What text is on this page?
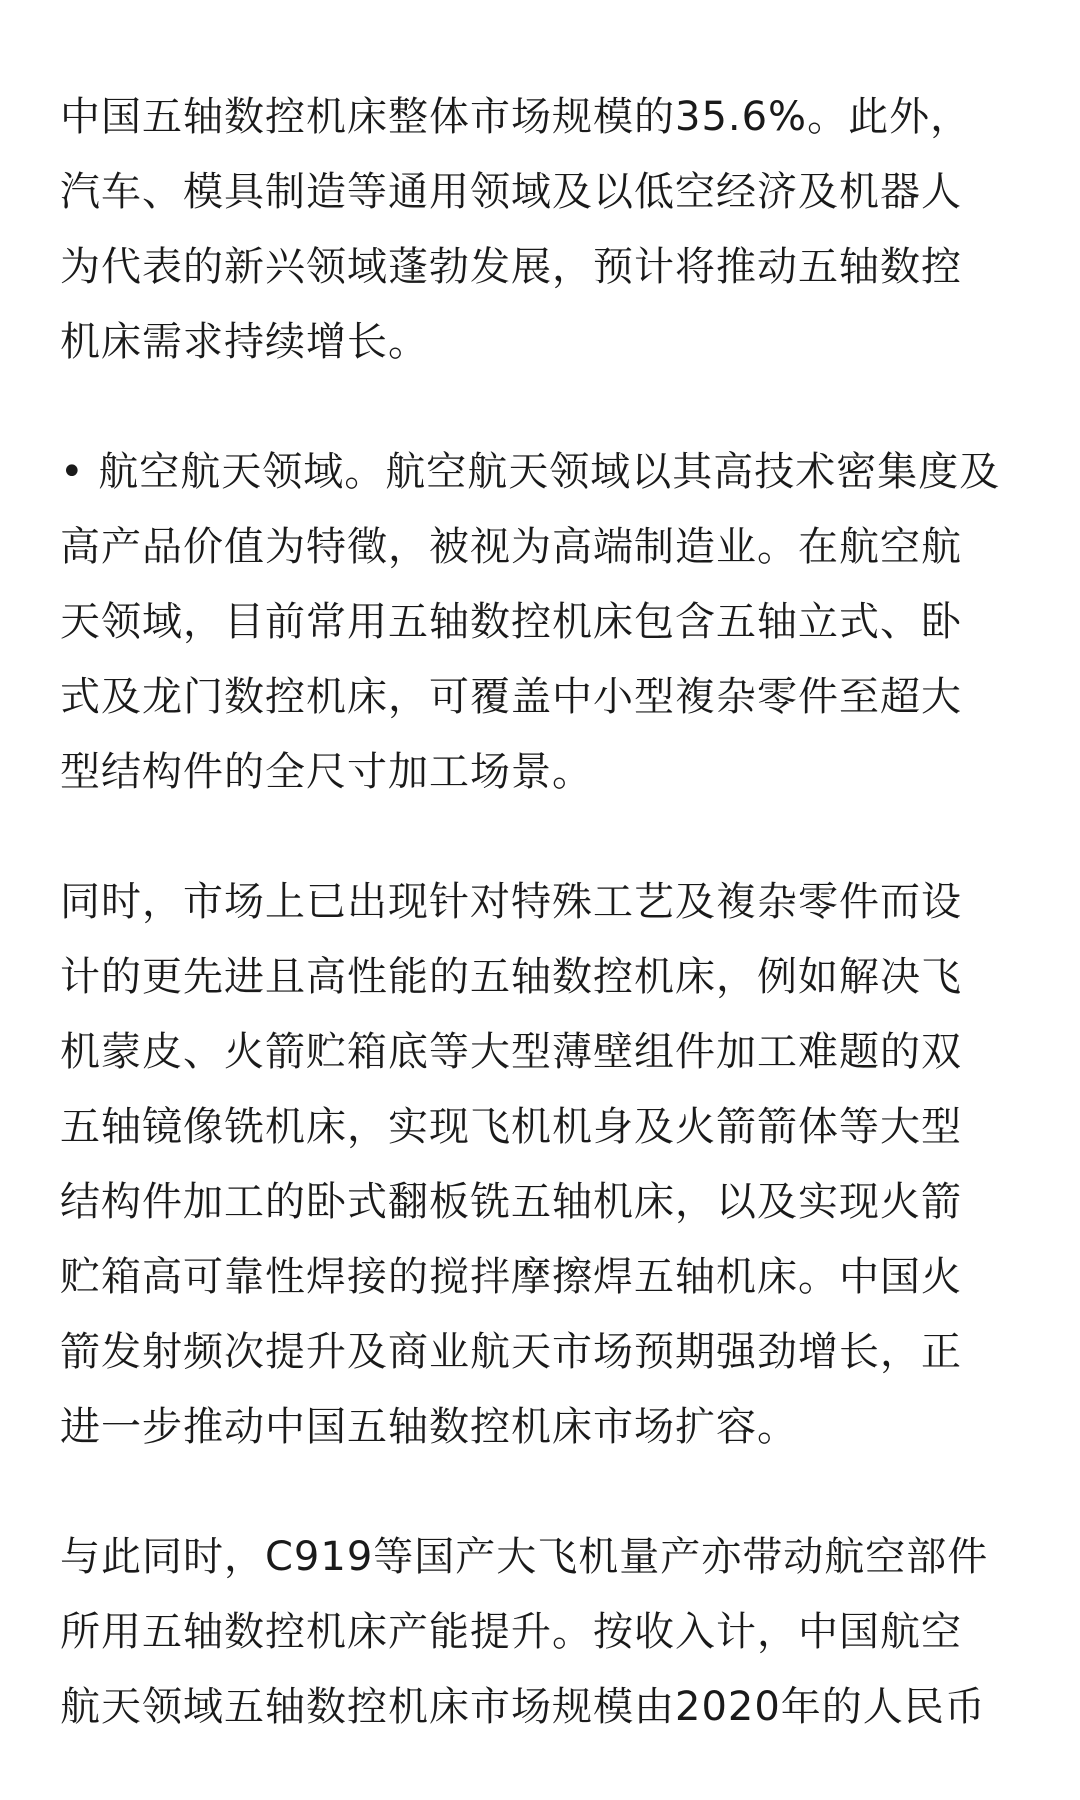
中国五轴数控机床整体市场规模的35.6%。此外，
汽车、模具制造等通用领域及以低空经济及机器人
为代表的新兴领域蓬勃发展，预计将推动五轴数控
机床需求持续增长。
• 航空航天领域。航空航天领域以其高技术密集度及
高产品价值为特徵，被视为高端制造业。在航空航
天领域，目前常用五轴数控机床包含五轴立式、卧
式及龙门数控机床，可覆盖中小型複杂零件至超大
型结构件的全尺寸加工场景。
同时，市场上已出现针对特殊工艺及複杂零件而设
计的更先进且高性能的五轴数控机床，例如解决飞
机蒙皮、火箭贮箱底等大型薄壁组件加工难题的双
五轴镜像铣机床，实现飞机机身及火箭箭体等大型
结构件加工的卧式翻板铣五轴机床，以及实现火箭
贮箱高可靠性焊接的搅拌摩擦焊五轴机床。中国火
箭发射频次提升及商业航天市场预期强劲增长，正
进一步推动中国五轴数控机床市场扩容。
与此同时，C919等国产大飞机量产亦带动航空部件
所用五轴数控机床产能提升。按收入计，中国航空
航天领域五轴数控机床市场规模由2020年的人民币
